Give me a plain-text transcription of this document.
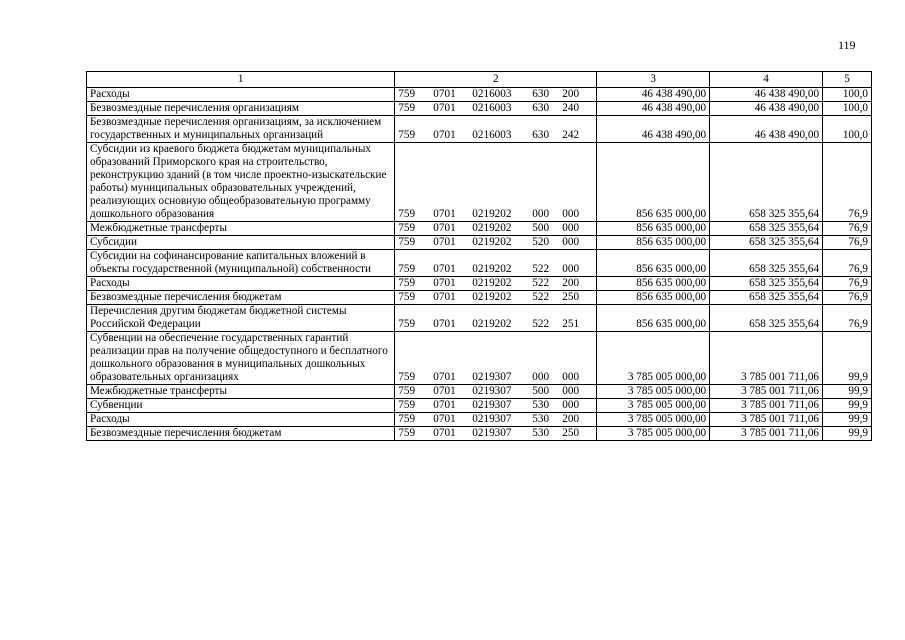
119
1	2	3	4	5
Расходы	759 0701 0216003 630 200	46 438 490,00	46 438 490,00	100,0
Безвозмездные перечисления организациям	759 0701 0216003 630 240	46 438 490,00	46 438 490,00	100,0
Безвозмездные перечисления организациям, за исключением государственных и муниципальных организаций	759 0701 0216003 630 242	46 438 490,00	46 438 490,00	100,0
Субсидии из краевого бюджета бюджетам муниципальных образований Приморского края на строительство, реконструкцию зданий (в том числе проектно-изыскательские работы) муниципальных образовательных учреждений, реализующих основную общеобразовательную программу дошкольного образования	759 0701 0219202 000 000	856 635 000,00	658 325 355,64	76,9
Межбюджетные трансферты	759 0701 0219202 500 000	856 635 000,00	658 325 355,64	76,9
Субсидии	759 0701 0219202 520 000	856 635 000,00	658 325 355,64	76,9
Субсидии на софинансирование капитальных вложений в объекты государственной (муниципальной) собственности	759 0701 0219202 522 000	856 635 000,00	658 325 355,64	76,9
Расходы	759 0701 0219202 522 200	856 635 000,00	658 325 355,64	76,9
Безвозмездные перечисления бюджетам	759 0701 0219202 522 250	856 635 000,00	658 325 355,64	76,9
Перечисления другим бюджетам бюджетной системы Российской Федерации	759 0701 0219202 522 251	856 635 000,00	658 325 355,64	76,9
Субвенции на обеспечение государственных гарантий реализации прав на получение общедоступного и бесплатного дошкольного образования в муниципальных дошкольных образовательных организациях	759 0701 0219307 000 000	3 785 005 000,00	3 785 001 711,06	99,9
Межбюджетные трансферты	759 0701 0219307 500 000	3 785 005 000,00	3 785 001 711,06	99,9
Субвенции	759 0701 0219307 530 000	3 785 005 000,00	3 785 001 711,06	99,9
Расходы	759 0701 0219307 530 200	3 785 005 000,00	3 785 001 711,06	99,9
Безвозмездные перечисления бюджетам	759 0701 0219307 530 250	3 785 005 000,00	3 785 001 711,06	99,9
